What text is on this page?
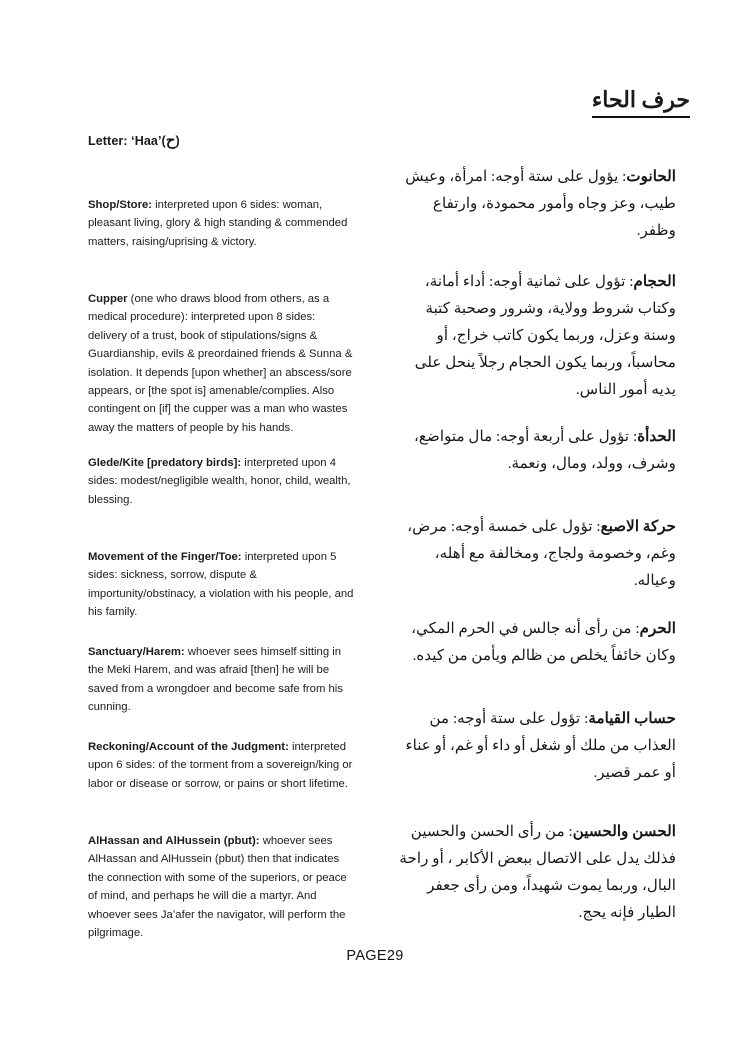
حرف الحاء
Letter: ‘Haa’(ح)
Shop/Store: interpreted upon 6 sides: woman, pleasant living, glory & high standing & commended matters, raising/uprising & victory.
Cupper (one who draws blood from others, as a medical procedure): interpreted upon 8 sides: delivery of a trust, book of stipulations/signs & Guardianship, evils & preordained friends & Sunna & isolation. It depends [upon whether] an abscess/sore appears, or [the spot is] amenable/complies. Also contingent on [if] the cupper was a man who wastes away the matters of people by his hands.
Glede/Kite [predatory birds]: interpreted upon 4 sides: modest/negligible wealth, honor, child, wealth, blessing.
Movement of the Finger/Toe: interpreted upon 5 sides: sickness, sorrow, dispute & importunity/obstinacy, a violation with his people, and his family.
Sanctuary/Harem: whoever sees himself sitting in the Meki Harem, and was afraid [then] he will be saved from a wrongdoer and become safe from his cunning.
Reckoning/Account of the Judgment: interpreted upon 6 sides: of the torment from a sovereign/king or labor or disease or sorrow, or pains or short lifetime.
AlHassan and AlHussein (pbut): whoever sees AlHassan and AlHussein (pbut) then that indicates the connection with some of the superiors, or peace of mind, and perhaps he will die a martyr. And whoever sees Ja’afer the navigator, will perform the pilgrimage.
الحانوت: يؤول على ستة أوجه: امرأة، وعيش طيب، وعز وجاه وأمور محمودة، وارتفاع وظفر.
الحجام: تؤول على ثمانية أوجه: أداء أمانة، وكتاب شروط وولاية، وشرور وصحبة كتبة وسنة وعزل، وربما يكون كاتب خراج، أو محاسباً، وربما يكون الحجام رجلاً ينحل على يديه أمور الناس.
الحدأة: تؤول على أربعة أوجه: مال متواضع، وشرف، وولد، ومال، ونعمة.
حركة الاصبع: تؤول على خمسة أوجه: مرض، وغم، وخصومة ولجاج، ومخالفة مع أهله، وعياله.
الحرم: من رأى أنه جالس في الحرم المكي، وكان خائفاً يخلص من ظالم ويأمن من كيده.
حساب القيامة: تؤول على ستة أوجه: من العذاب من ملك أو شغل أو داء أو غم، أو عناء أو عمر قصير.
الحسن والحسين: من رأى الحسن والحسين فذلك يدل على الاتصال ببعض الأكابر ، أو راحة البال، وربما يموت شهيداً، ومن رأى جعفر الطيار فإنه يحج.
PAGE29
